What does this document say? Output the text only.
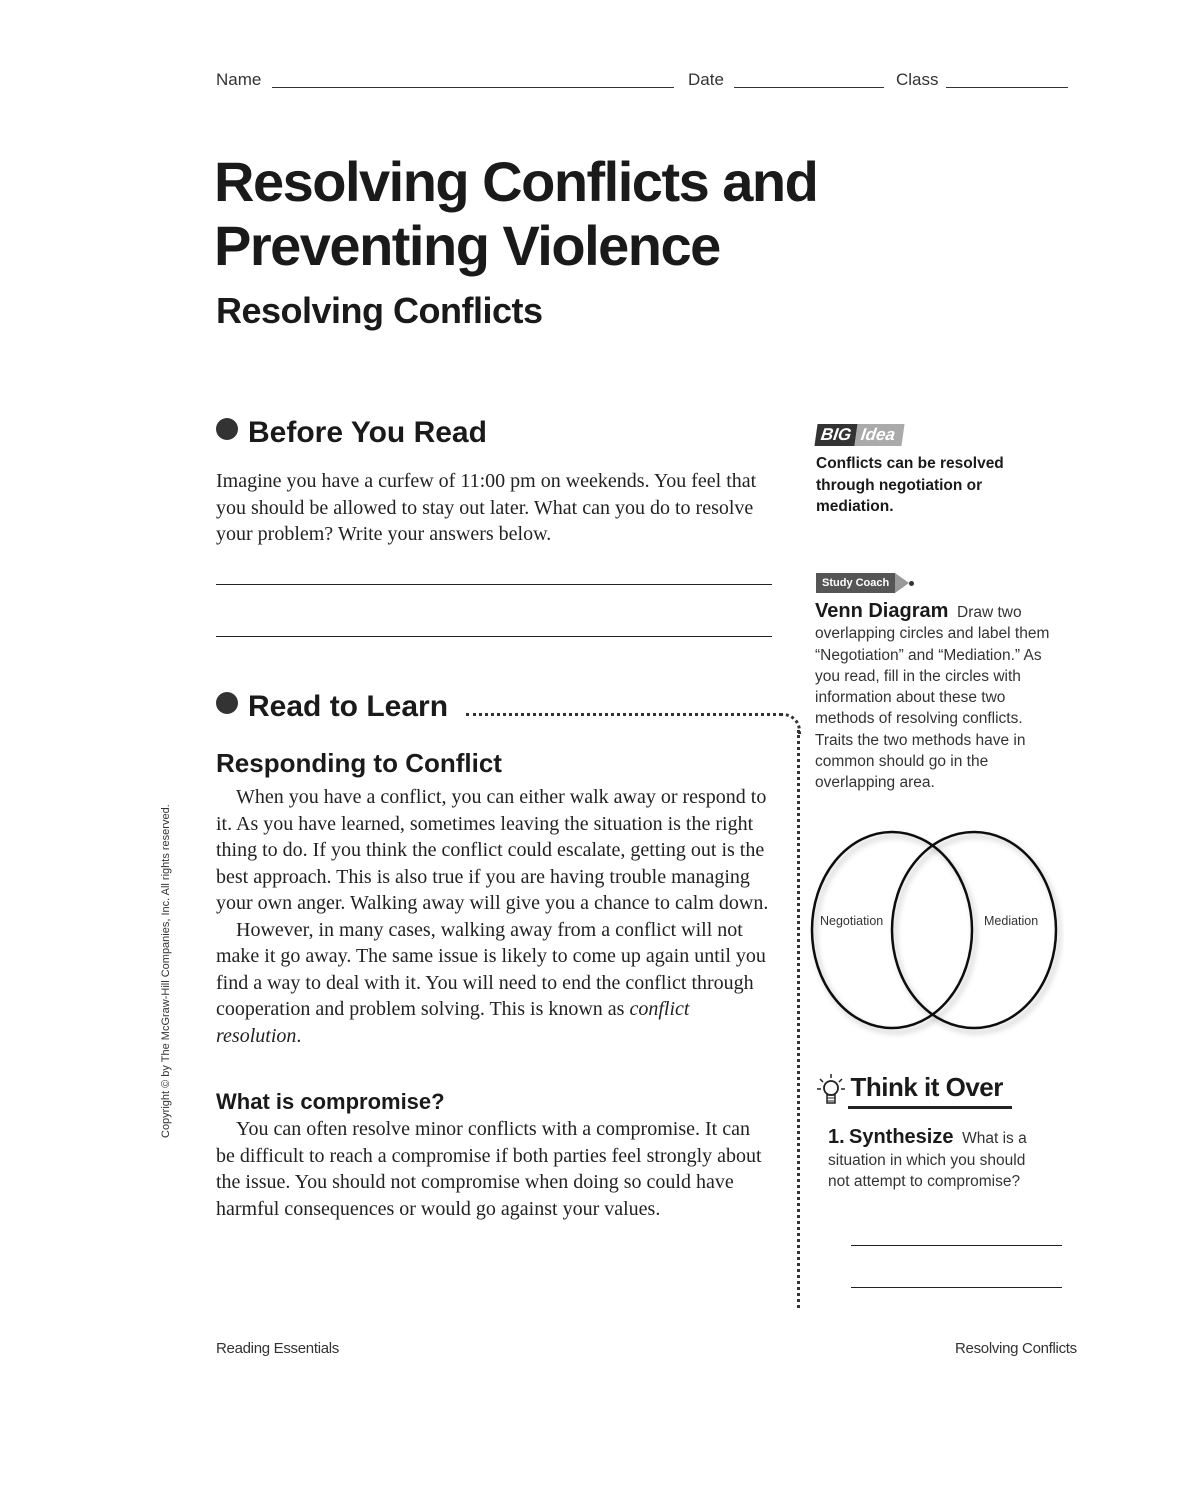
Name	Date	Class
Resolving Conflicts and
Preventing Violence
Resolving Conflicts
Before You Read
Imagine you have a curfew of 11:00 pm on weekends. You feel that you should be allowed to stay out later. What can you do to resolve your problem? Write your answers below.
Read to Learn
Responding to Conflict

When you have a conflict, you can either walk away or respond to it. As you have learned, sometimes leaving the situation is the right thing to do. If you think the conflict could escalate, getting out is the best approach. This is also true if you are having trouble managing your own anger. Walking away will give you a chance to calm down.

However, in many cases, walking away from a conflict will not make it go away. The same issue is likely to come up again until you find a way to deal with it. You will need to end the conflict through cooperation and problem solving. This is known as conflict resolution.

What is compromise?

You can often resolve minor conflicts with a compromise. It can be difficult to reach a compromise if both parties feel strongly about the issue. You should not compromise when doing so could have harmful consequences or would go against your values.

BIG Idea
Conflicts can be resolved through negotiation or mediation.
Study Coach
Venn Diagram Draw two overlapping circles and label them “Negotiation” and “Mediation.” As you read, fill in the circles with information about these two methods of resolving conflicts. Traits the two methods have in common should go in the overlapping area.
Negotiation	Mediation
Think it Over
1. Synthesize What is a situation in which you should not attempt to compromise?
Copyright © by The McGraw-Hill Companies, Inc. All rights reserved.
Reading Essentials	Resolving Conflicts
